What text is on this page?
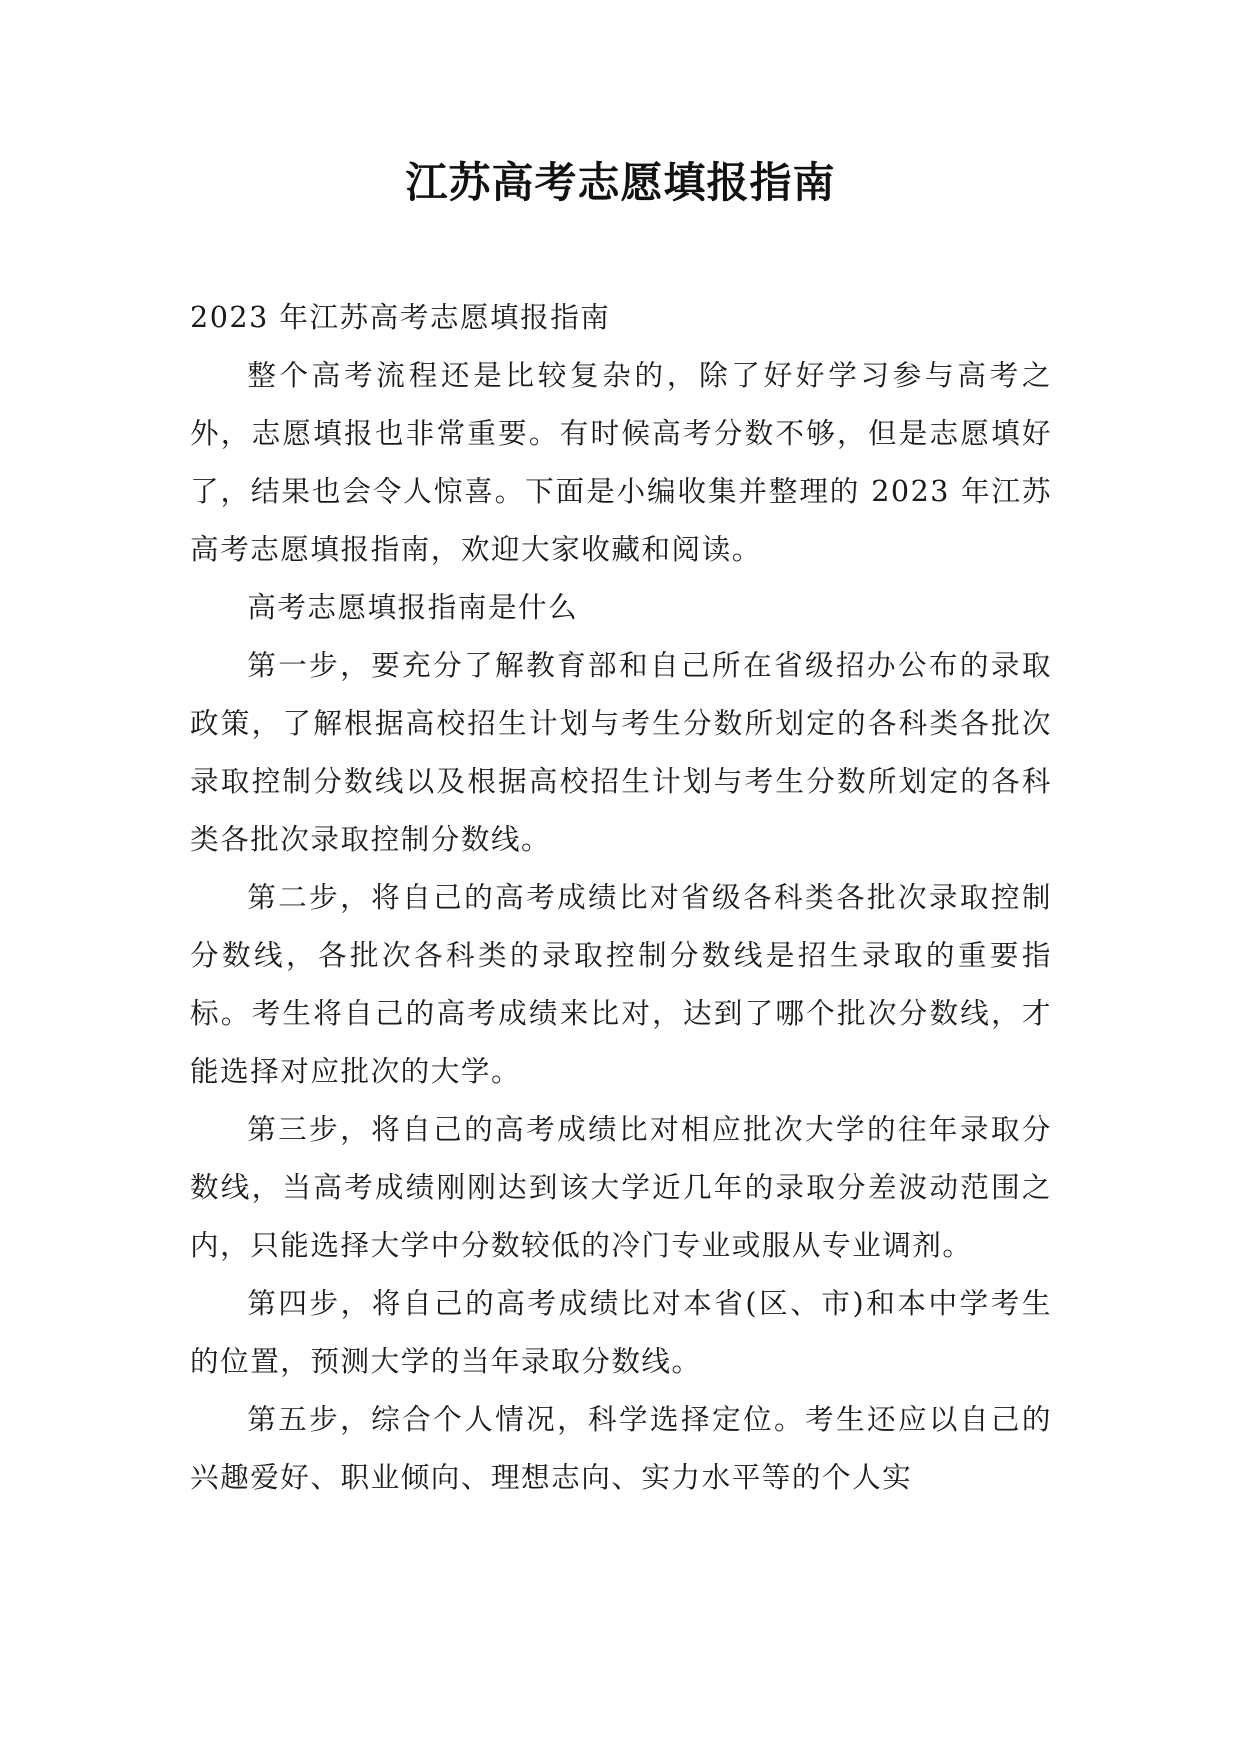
江苏高考志愿填报指南

2023 年江苏高考志愿填报指南

整个高考流程还是比较复杂的，除了好好学习参与高考之外，志愿填报也非常重要。有时候高考分数不够，但是志愿填好了，结果也会令人惊喜。下面是小编收集并整理的 2023 年江苏高考志愿填报指南，欢迎大家收藏和阅读。

高考志愿填报指南是什么

第一步，要充分了解教育部和自己所在省级招办公布的录取政策，了解根据高校招生计划与考生分数所划定的各科类各批次录取控制分数线以及根据高校招生计划与考生分数所划定的各科类各批次录取控制分数线。

第二步，将自己的高考成绩比对省级各科类各批次录取控制分数线，各批次各科类的录取控制分数线是招生录取的重要指标。考生将自己的高考成绩来比对，达到了哪个批次分数线，才能选择对应批次的大学。

第三步，将自己的高考成绩比对相应批次大学的往年录取分数线，当高考成绩刚刚达到该大学近几年的录取分差波动范围之内，只能选择大学中分数较低的冷门专业或服从专业调剂。

第四步，将自己的高考成绩比对本省(区、市)和本中学考生的位置，预测大学的当年录取分数线。

第五步，综合个人情况，科学选择定位。考生还应以自己的兴趣爱好、职业倾向、理想志向、实力水平等的个人实
